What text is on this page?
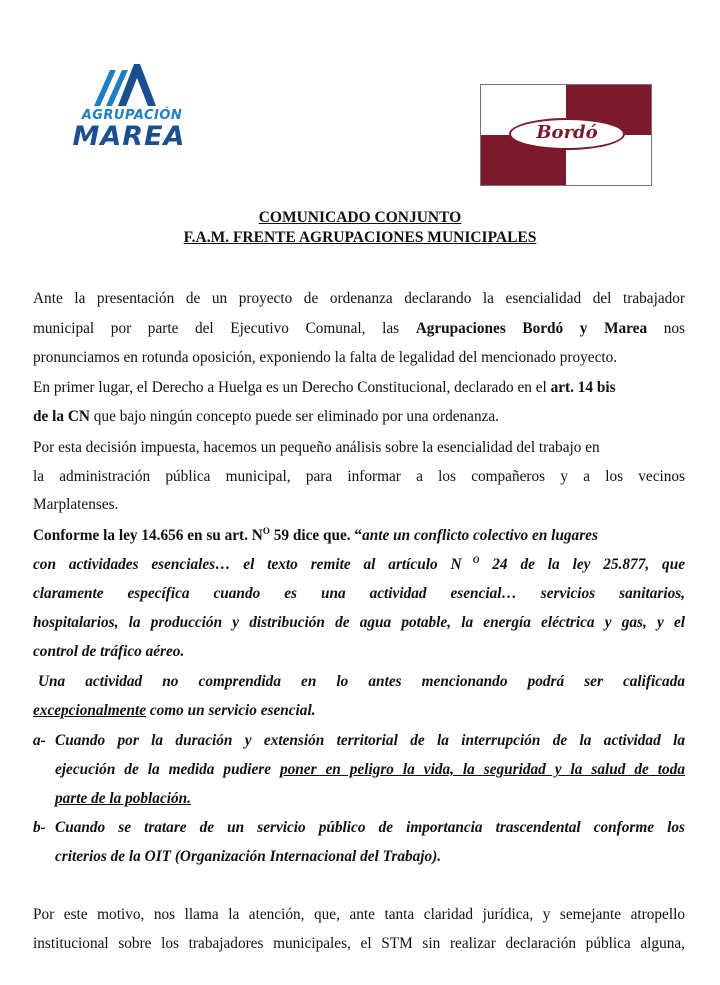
AGRUPACIÓN
MAREA	Bordó
COMUNICADO CONJUNTO
F.A.M. FRENTE AGRUPACIONES MUNICIPALES
Ante la presentación de un proyecto de ordenanza declarando la esencialidad del trabajador
municipal por parte del Ejecutivo Comunal, las Agrupaciones Bordó y Marea nos
pronunciamos en rotunda oposición, exponiendo la falta de legalidad del mencionado proyecto.
En primer lugar, el Derecho a Huelga es un Derecho Constitucional, declarado en el art. 14 bis
de la CN que bajo ningún concepto puede ser eliminado por una ordenanza.
Por esta decisión impuesta, hacemos un pequeño análisis sobre la esencialidad del trabajo en
la administración pública municipal, para informar a los compañeros y a los vecinos
Marplatenses.
Conforme la ley 14.656 en su art. $N^O$ 59 dice que. “ante un conflicto colectivo en lugares
con actividades esenciales… el texto remite al artículo N $^O$ 24 de la ley 25.877, que
claramente específica cuando es una actividad esencial… servicios sanitarios,
hospitalarios, la producción y distribución de agua potable, la energía eléctrica y gas, y el
control de tráfico aéreo.
Una actividad no comprendida en lo antes mencionando podrá ser calificada
excepcionalmente como un servicio esencial.
a- Cuando por la duración y extensión territorial de la interrupción de la actividad la
ejecución de la medida pudiere poner en peligro la vida, la seguridad y la salud de toda
parte de la población.
b- Cuando se tratare de un servicio público de importancia trascendental conforme los
criterios de la OIT (Organización Internacional del Trabajo).
Por este motivo, nos llama la atención, que, ante tanta claridad jurídica, y semejante atropello
institucional sobre los trabajadores municipales, el STM sin realizar declaración pública alguna,
